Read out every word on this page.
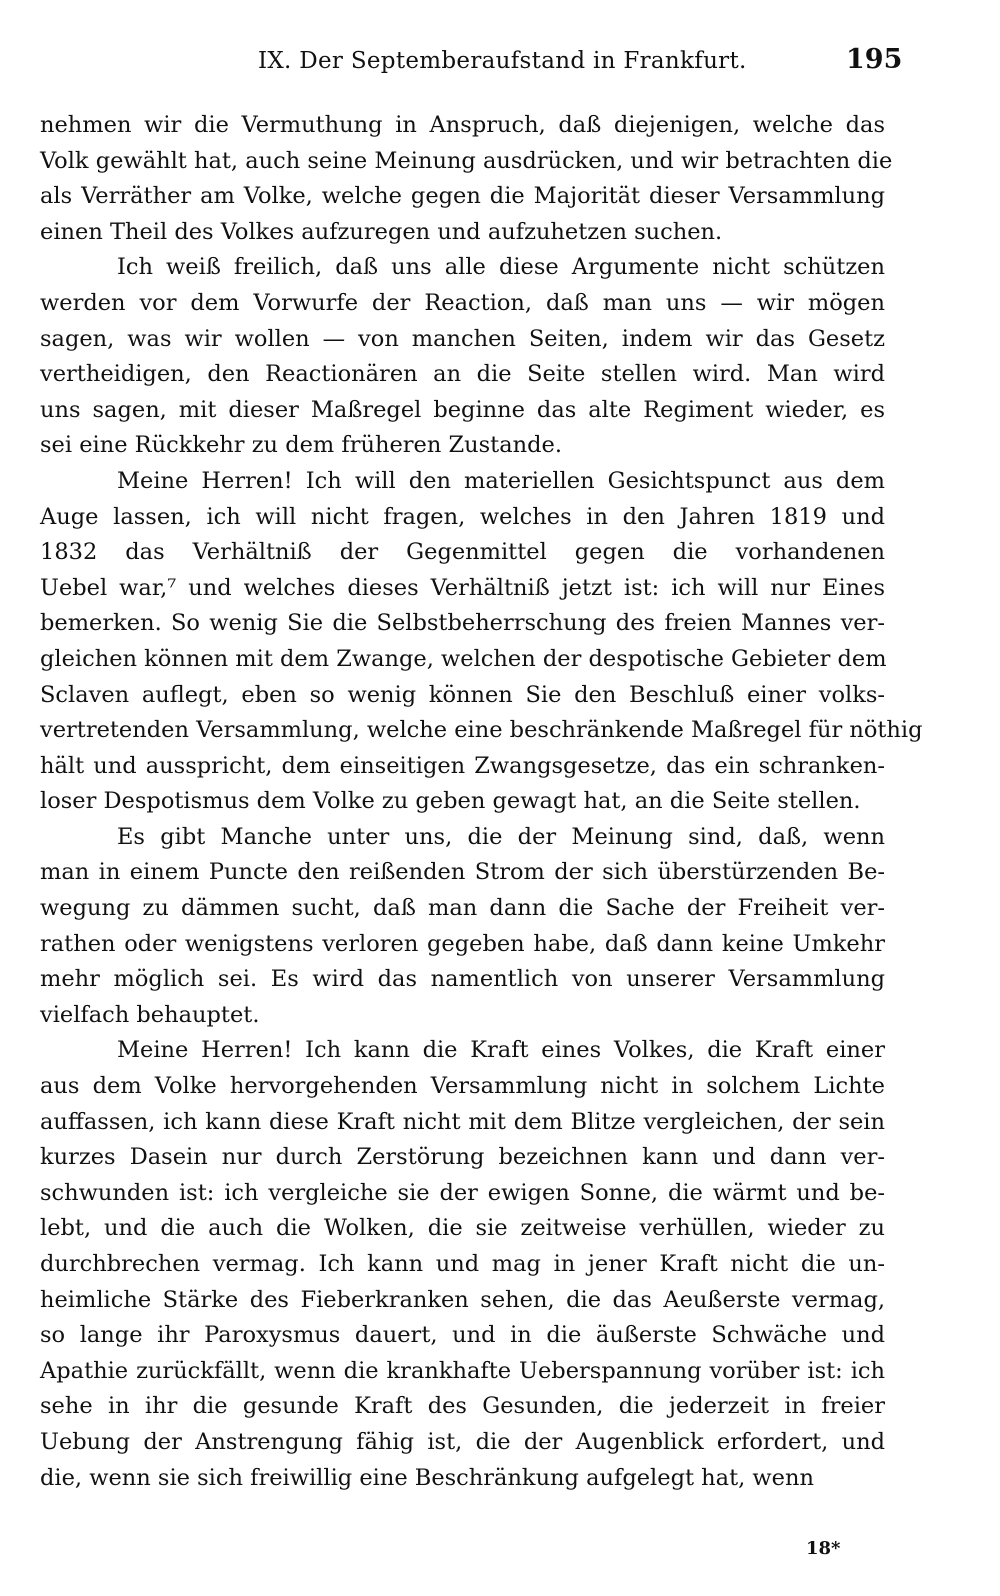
IX. Der Septemberaufstand in Frankfurt.	195
nehmen wir die Vermuthung in Anspruch, daß diejenigen, welche das
Volk gewählt hat, auch seine Meinung ausdrücken, und wir betrachten die
als Verräther am Volke, welche gegen die Majorität dieser Versammlung
einen Theil des Volkes aufzuregen und aufzuhetzen suchen.
Ich weiß freilich, daß uns alle diese Argumente nicht schützen
werden vor dem Vorwurfe der Reaction, daß man uns — wir mögen
sagen, was wir wollen — von manchen Seiten, indem wir das Gesetz
vertheidigen, den Reactionären an die Seite stellen wird. Man wird
uns sagen, mit dieser Maßregel beginne das alte Regiment wieder, es
sei eine Rückkehr zu dem früheren Zustande.
Meine Herren! Ich will den materiellen Gesichtspunct aus dem
Auge lassen, ich will nicht fragen, welches in den Jahren 1819 und
1832 das Verhältniß der Gegenmittel gegen die vorhandenen
Uebel war,⁷ und welches dieses Verhältniß jetzt ist: ich will nur Eines
bemerken. So wenig Sie die Selbstbeherrschung des freien Mannes ver-
gleichen können mit dem Zwange, welchen der despotische Gebieter dem
Sclaven auflegt, eben so wenig können Sie den Beschluß einer volks-
vertretenden Versammlung, welche eine beschränkende Maßregel für nöthig
hält und ausspricht, dem einseitigen Zwangsgesetze, das ein schranken-
loser Despotismus dem Volke zu geben gewagt hat, an die Seite stellen.
Es gibt Manche unter uns, die der Meinung sind, daß, wenn
man in einem Puncte den reißenden Strom der sich überstürzenden Be-
wegung zu dämmen sucht, daß man dann die Sache der Freiheit ver-
rathen oder wenigstens verloren gegeben habe, daß dann keine Umkehr
mehr möglich sei. Es wird das namentlich von unserer Versammlung
vielfach behauptet.
Meine Herren! Ich kann die Kraft eines Volkes, die Kraft einer
aus dem Volke hervorgehenden Versammlung nicht in solchem Lichte
auffassen, ich kann diese Kraft nicht mit dem Blitze vergleichen, der sein
kurzes Dasein nur durch Zerstörung bezeichnen kann und dann ver-
schwunden ist: ich vergleiche sie der ewigen Sonne, die wärmt und be-
lebt, und die auch die Wolken, die sie zeitweise verhüllen, wieder zu
durchbrechen vermag. Ich kann und mag in jener Kraft nicht die un-
heimliche Stärke des Fieberkranken sehen, die das Aeußerste vermag,
so lange ihr Paroxysmus dauert, und in die äußerste Schwäche und
Apathie zurückfällt, wenn die krankhafte Ueberspannung vorüber ist: ich
sehe in ihr die gesunde Kraft des Gesunden, die jederzeit in freier
Uebung der Anstrengung fähig ist, die der Augenblick erfordert, und
die, wenn sie sich freiwillig eine Beschränkung aufgelegt hat, wenn
18*
